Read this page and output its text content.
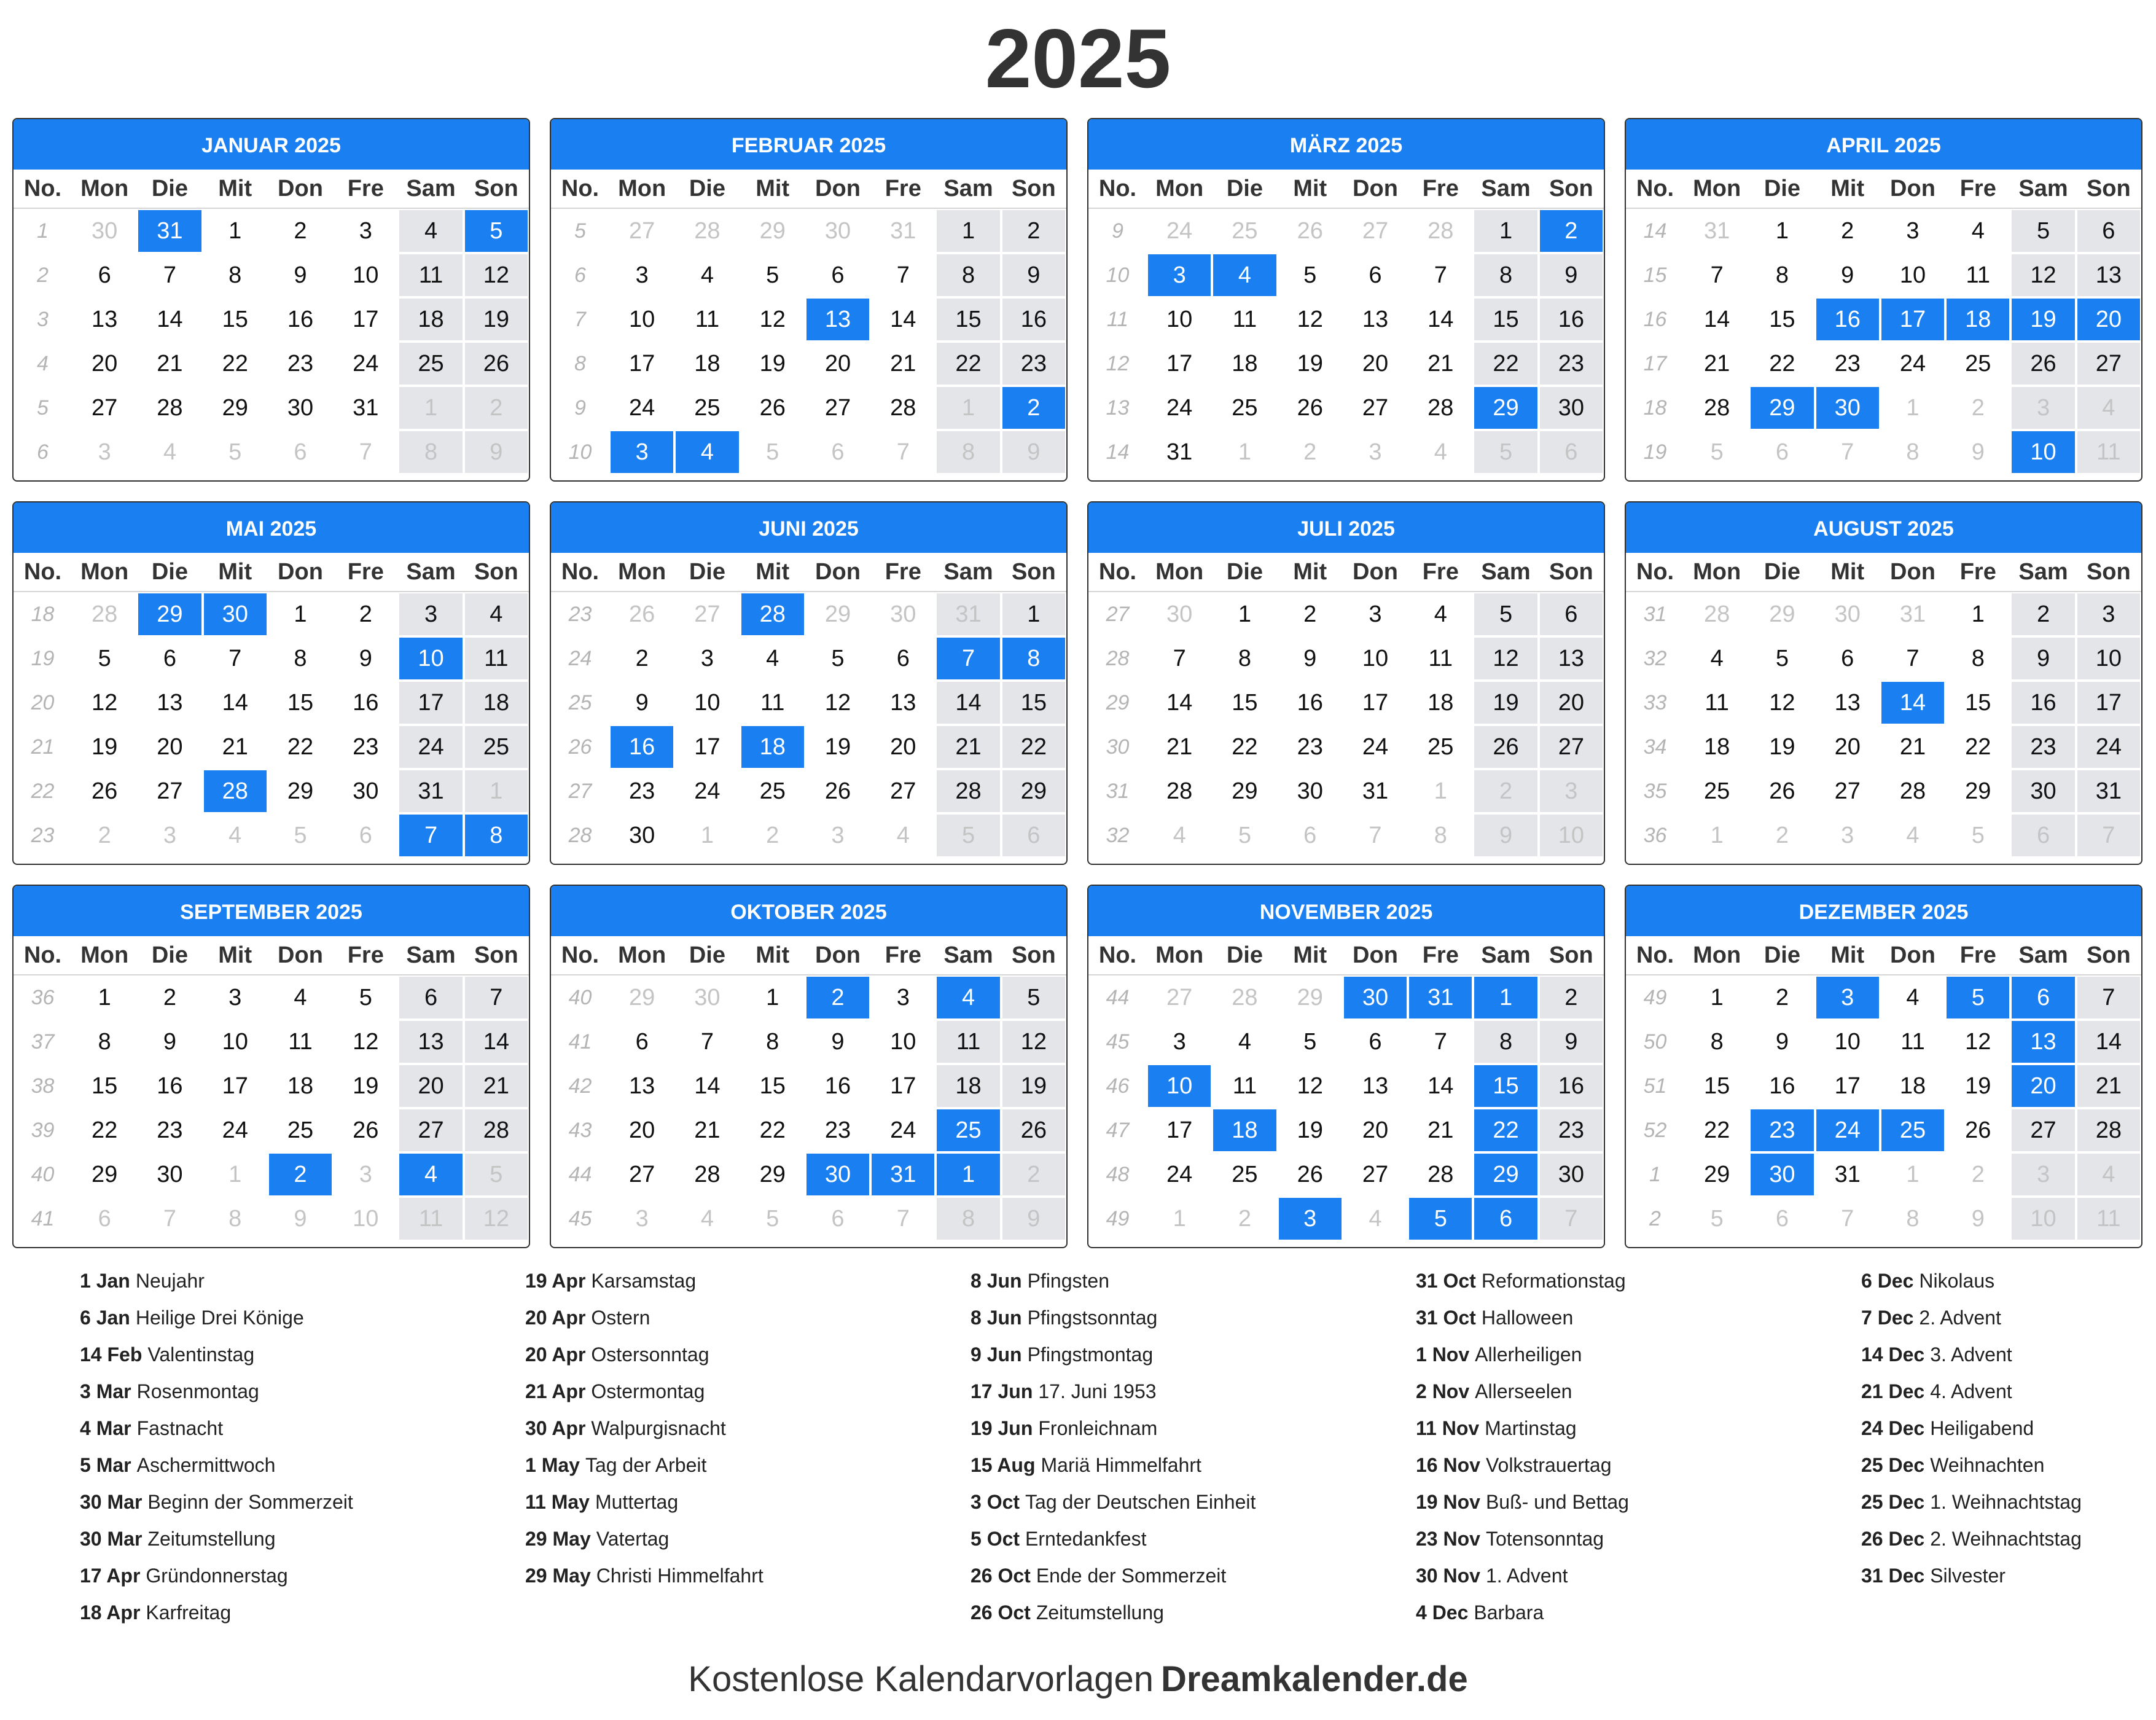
2025
JANUAR 2025
No. Mon Die	Mit	Don	Fre Sam Son
1	30	31	1	2	3	4	5
2	6	7	8	9	10	11	12
3	13	14	15	16	17	18	19
4	20	21	22	23	24	25	26
5	27	28	29	30	31	1	2
6	3	4	5	6	7	8	9
FEBRUAR 2025
No. Mon Die	Mit	Don	Fre Sam Son
5	27	28	29	30	31	1	2
6	3	4	5	6	7	8	9
7	10	11	12	13	14	15	16
8	17	18	19	20	21	22	23
9	24	25	26	27	28	1	2
10	3	4	5	6	7	8	9
MÄRZ 2025
No. Mon Die	Mit	Don	Fre Sam Son
9	24	25	26	27	28	1	2
10	3	4	5	6	7	8	9
11	10	11	12	13	14	15	16
12	17	18	19	20	21	22	23
13	24	25	26	27	28	29	30
14	31	1	2	3	4	5	6
APRIL 2025
No. Mon Die	Mit	Don	Fre Sam Son
14	31	1	2	3	4	5	6
15	7	8	9	10	11	12	13
16	14	15	16	17	18	19	20
17	21	22	23	24	25	26	27
18	28	29	30	1	2	3	4
19	5	6	7	8	9	10	11
MAI 2025
No. Mon Die	Mit	Don	Fre Sam Son
18	28	29	30	1	2	3	4
19	5	6	7	8	9	10	11
20	12	13	14	15	16	17	18
21	19	20	21	22	23	24	25
22	26	27	28	29	30	31	1
23	2	3	4	5	6	7	8
JUNI 2025
No. Mon Die	Mit	Don	Fre Sam Son
23	26	27	28	29	30	31	1
24	2	3	4	5	6	7	8
25	9	10	11	12	13	14	15
26	16	17	18	19	20	21	22
27	23	24	25	26	27	28	29
28	30	1	2	3	4	5	6
JULI 2025
No. Mon Die	Mit	Don	Fre Sam Son
27	30	1	2	3	4	5	6
28	7	8	9	10	11	12	13
29	14	15	16	17	18	19	20
30	21	22	23	24	25	26	27
31	28	29	30	31	1	2	3
32	4	5	6	7	8	9	10
AUGUST 2025
No. Mon Die	Mit	Don	Fre Sam Son
31	28	29	30	31	1	2	3
32	4	5	6	7	8	9	10
33	11	12	13	14	15	16	17
34	18	19	20	21	22	23	24
35	25	26	27	28	29	30	31
36	1	2	3	4	5	6	7
SEPTEMBER 2025
No. Mon Die	Mit	Don	Fre Sam Son
36	1	2	3	4	5	6	7
37	8	9	10	11	12	13	14
38	15	16	17	18	19	20	21
39	22	23	24	25	26	27	28
40	29	30	1	2	3	4	5
41	6	7	8	9	10	11	12
OKTOBER 2025
No. Mon Die	Mit	Don	Fre Sam Son
40	29	30	1	2	3	4	5
41	6	7	8	9	10	11	12
42	13	14	15	16	17	18	19
43	20	21	22	23	24	25	26
44	27	28	29	30	31	1	2
45	3	4	5	6	7	8	9
NOVEMBER 2025
No. Mon Die	Mit	Don	Fre Sam Son
44	27	28	29	30	31	1	2
45	3	4	5	6	7	8	9
46	10	11	12	13	14	15	16
47	17	18	19	20	21	22	23
48	24	25	26	27	28	29	30
49	1	2	3	4	5	6	7
DEZEMBER 2025
No. Mon Die	Mit	Don	Fre Sam Son
49	1	2	3	4	5	6	7
50	8	9	10	11	12	13	14
51	15	16	17	18	19	20	21
52	22	23	24	25	26	27	28
1	29	30	31	1	2	3	4
2	5	6	7	8	9	10	11
1 Jan Neujahr
6 Jan Heilige Drei Könige
14 Feb Valentinstag
3 Mar Rosenmontag
4 Mar Fastnacht
5 Mar Aschermittwoch
30 Mar Beginn der Sommerzeit
30 Mar Zeitumstellung
17 Apr Gründonnerstag
18 Apr Karfreitag
19 Apr Karsamstag
20 Apr Ostern
20 Apr Ostersonntag
21 Apr Ostermontag
30 Apr Walpurgisnacht
1 May Tag der Arbeit
11 May Muttertag
29 May Vatertag
29 May Christi Himmelfahrt
8 Jun Pfingsten
8 Jun Pfingstsonntag
9 Jun Pfingstmontag
17 Jun 17. Juni 1953
19 Jun Fronleichnam
15 Aug Mariä Himmelfahrt
3 Oct Tag der Deutschen Einheit
5 Oct Erntedankfest
26 Oct Ende der Sommerzeit
26 Oct Zeitumstellung
31 Oct Reformationstag
31 Oct Halloween
1 Nov Allerheiligen
2 Nov Allerseelen
11 Nov Martinstag
16 Nov Volkstrauertag
19 Nov Buß- und Bettag
23 Nov Totensonntag
30 Nov 1. Advent
4 Dec Barbara
6 Dec Nikolaus
7 Dec 2. Advent
14 Dec 3. Advent
21 Dec 4. Advent
24 Dec Heiligabend
25 Dec Weihnachten
25 Dec 1. Weihnachtstag
26 Dec 2. Weihnachtstag
31 Dec Silvester

Kostenlose Kalendarvorlagen Dreamkalender.de
